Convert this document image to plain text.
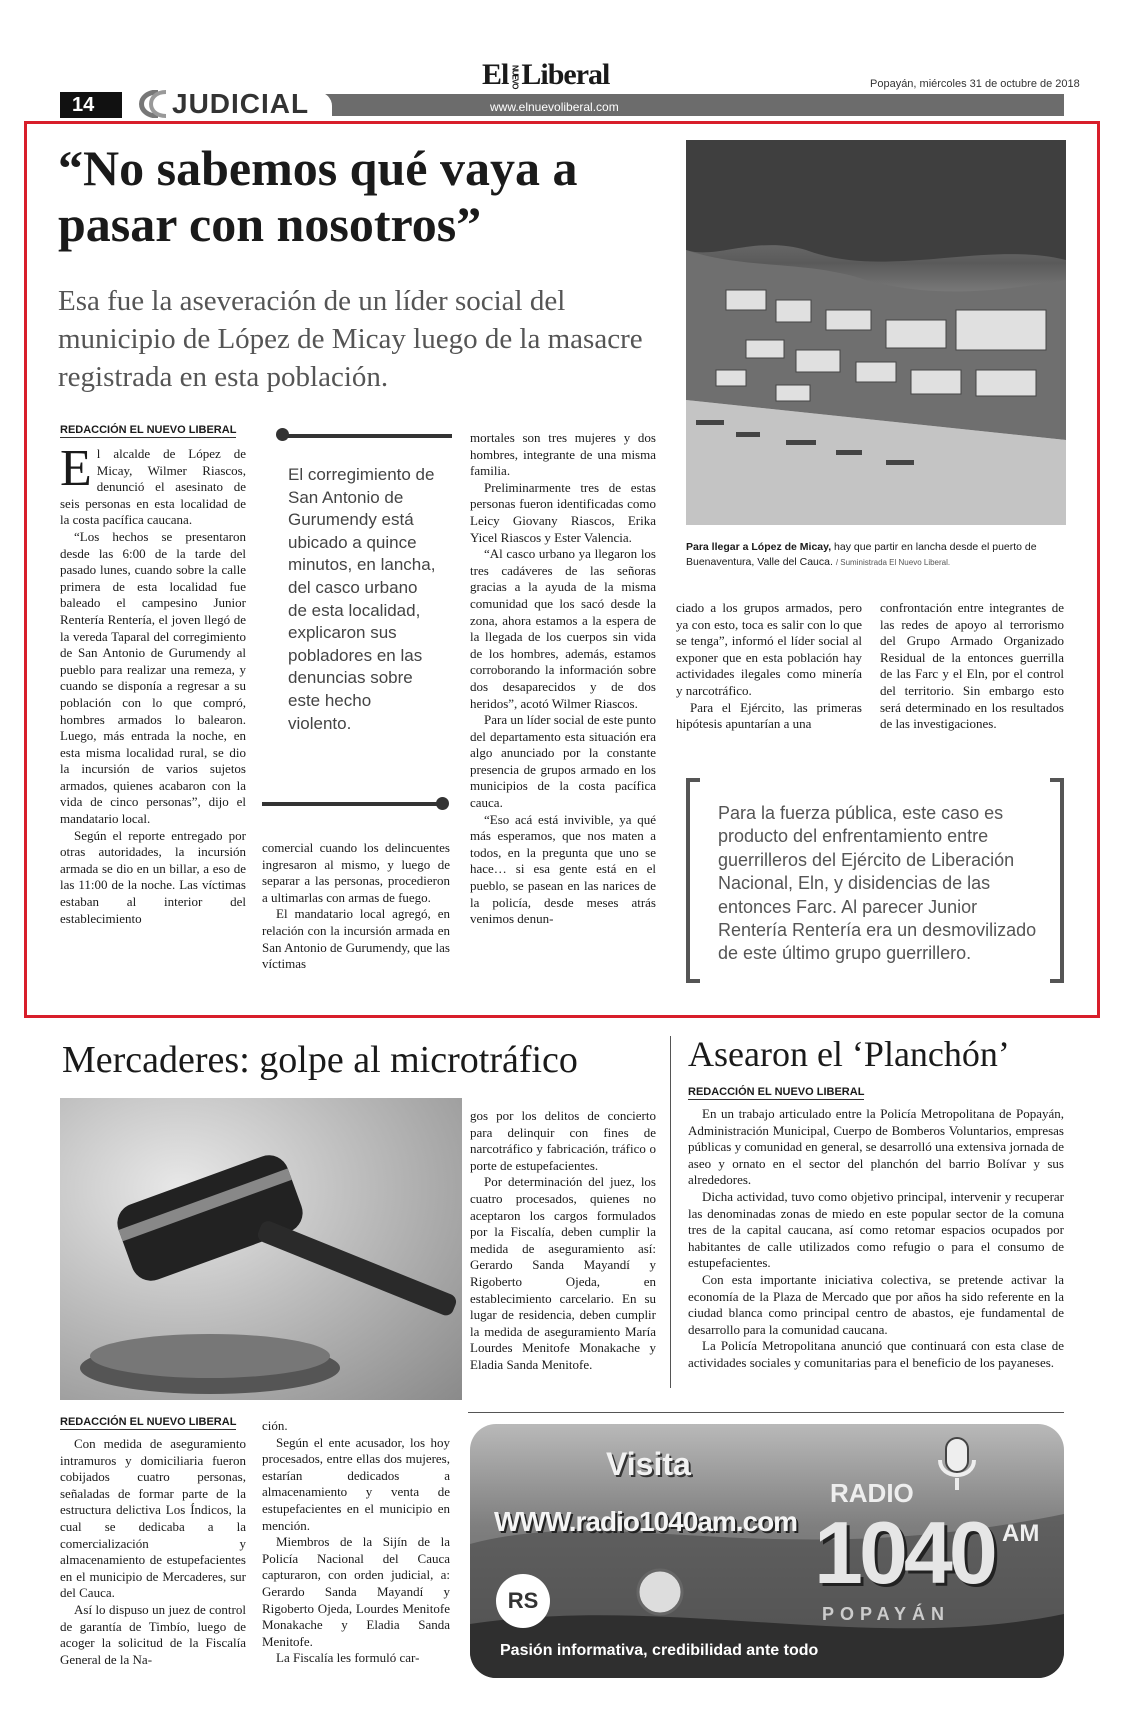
14	JUDICIAL
El NUEVOLiberal	Popayán, miércoles 31 de octubre de 2018
www.elnuevoliberal.com
“No sabemos qué vaya a pasar con nosotros”
Esa fue la aseveración de un líder social del municipio de López de Micay luego de la masacre registrada en esta población.
REDACCIÓN EL NUEVO LIBERAL

El alcalde de López de Micay, Wilmer Riascos, denunció el asesinato de seis personas en esta localidad de la costa pacífica caucana.

“Los hechos se presentaron desde las 6:00 de la tarde del pasado lunes, cuando sobre la calle primera de esta localidad fue baleado el campesino Junior Rentería Rentería, el joven llegó de la vereda Taparal del corregimiento de San Antonio de Gurumendy al pueblo para realizar una remeza, y cuando se disponía a regresar a su población con lo que compró, hombres armados lo balearon. Luego, más entrada la noche, en esta misma localidad rural, se dio la incursión de varios sujetos armados, quienes acabaron con la vida de cinco personas”, dijo el mandatario local.

Según el reporte entregado por otras autoridades, la incursión armada se dio en un billar, a eso de las 11:00 de la noche. Las víctimas estaban al interior del establecimiento

El corregimiento de San Antonio de Gurumendy está ubicado a quince minutos, en lancha, del casco urbano de esta localidad, explicaron sus pobladores en las denuncias sobre este hecho violento.

comercial cuando los delincuentes ingresaron al mismo, y luego de separar a las personas, procedieron a ultimarlas con armas de fuego.

El mandatario local agregó, en relación con la incursión armada en San Antonio de Gurumendy, que las víctimas

mortales son tres mujeres y dos hombres, integrante de una misma familia.

Preliminarmente tres de estas personas fueron identificadas como Leicy Giovany Riascos, Erika Yicel Riascos y Ester Valencia.

“Al casco urbano ya llegaron los tres cadáveres de las señoras gracias a la ayuda de la misma comunidad que los sacó desde la zona, ahora estamos a la espera de la llegada de los cuerpos sin vida de los hombres, además, estamos corroborando la información sobre dos desaparecidos y de dos heridos”, acotó Wilmer Riascos.

Para un líder social de este punto del departamento esta situación era algo anunciado por la constante presencia de grupos armado en los municipios de la costa pacífica cauca.

“Eso acá está invivible, ya qué más esperamos, que nos maten a todos, en la pregunta que uno se hace… si esa gente está en el pueblo, se pasean en las narices de la policía, desde meses atrás venimos denun-

Para llegar a López de Micay, hay que partir en lancha desde el puerto de Buenaventura, Valle del Cauca. / Suministrada El Nuevo Liberal.

ciado a los grupos armados, pero ya con esto, toca es salir con lo que se tenga”, informó el líder social al exponer que en esta población hay actividades ilegales como minería y narcotráfico.

Para el Ejército, las primeras hipótesis apuntarían a una

confrontación entre integrantes de las redes de apoyo al terrorismo del Grupo Armado Organizado Residual de la entonces guerrilla de las Farc y el Eln, por el control del territorio. Sin embargo esto será determinado en los resultados de las investigaciones.

Para la fuerza pública, este caso es producto del enfrentamiento entre guerrilleros del Ejército de Liberación Nacional, Eln, y disidencias de las entonces Farc. Al parecer Junior Rentería Rentería era un desmovilizado de este último grupo guerrillero.
Mercaderes: golpe al microtráfico
REDACCIÓN EL NUEVO LIBERAL

Con medida de aseguramiento intramuros y domiciliaria fueron cobijados cuatro personas, señaladas de formar parte de la estructura delictiva Los Índicos, la cual se dedicaba a la comercialización y almacenamiento de estupefacientes en el municipio de Mercaderes, sur del Cauca.

Así lo dispuso un juez de control de garantía de Timbío, luego de acoger la solicitud de la Fiscalía General de la Na-

ción.

Según el ente acusador, los hoy procesados, entre ellas dos mujeres, estarían dedicados a almacenamiento y venta de estupefacientes en el municipio en mención.

Miembros de la Sijín de la Policía Nacional del Cauca capturaron, con orden judicial, a: Gerardo Sanda Mayandí y Rigoberto Ojeda, Lourdes Menitofe Monakache y Eladia Sanda Menitofe.

La Fiscalía les formuló car-

gos por los delitos de concierto para delinquir con fines de narcotráfico y fabricación, tráfico o porte de estupefacientes.

Por determinación del juez, los cuatro procesados, quienes no aceptaron los cargos formulados por la Fiscalía, deben cumplir la medida de aseguramiento así: Gerardo Sanda Mayandí y Rigoberto Ojeda, en establecimiento carcelario. En su lugar de residencia, deben cumplir la medida de aseguramiento María Lourdes Menitofe Monakache y Eladia Sanda Menitofe.

Asearon el ‘Planchón’
REDACCIÓN EL NUEVO LIBERAL

En un trabajo articulado entre la Policía Metropolitana de Popayán, Administración Municipal, Cuerpo de Bomberos Voluntarios, empresas públicas y comunidad en general, se desarrolló una extensiva jornada de aseo y ornato en el sector del planchón del barrio Bolívar y sus alrededores.

Dicha actividad, tuvo como objetivo principal, intervenir y recuperar las denominadas zonas de miedo en este popular sector de la comuna tres de la capital caucana, así como retomar espacios ocupados por habitantes de calle utilizados como refugio o para el consumo de estupefacientes.

Con esta importante iniciativa colectiva, se pretende activar la economía de la Plaza de Mercado que por años ha sido referente en la ciudad blanca como principal centro de abastos, eje fundamental de desarrollo para la comunidad caucana.

La Policía Metropolitana anunció que continuará con esta clase de actividades sociales y comunitarias para el beneficio de los payaneses.

Visita
WWW.radio1040am.com
RADIO
1040 AM
POPAYÁN
RS
Pasión informativa, credibilidad ante todo
